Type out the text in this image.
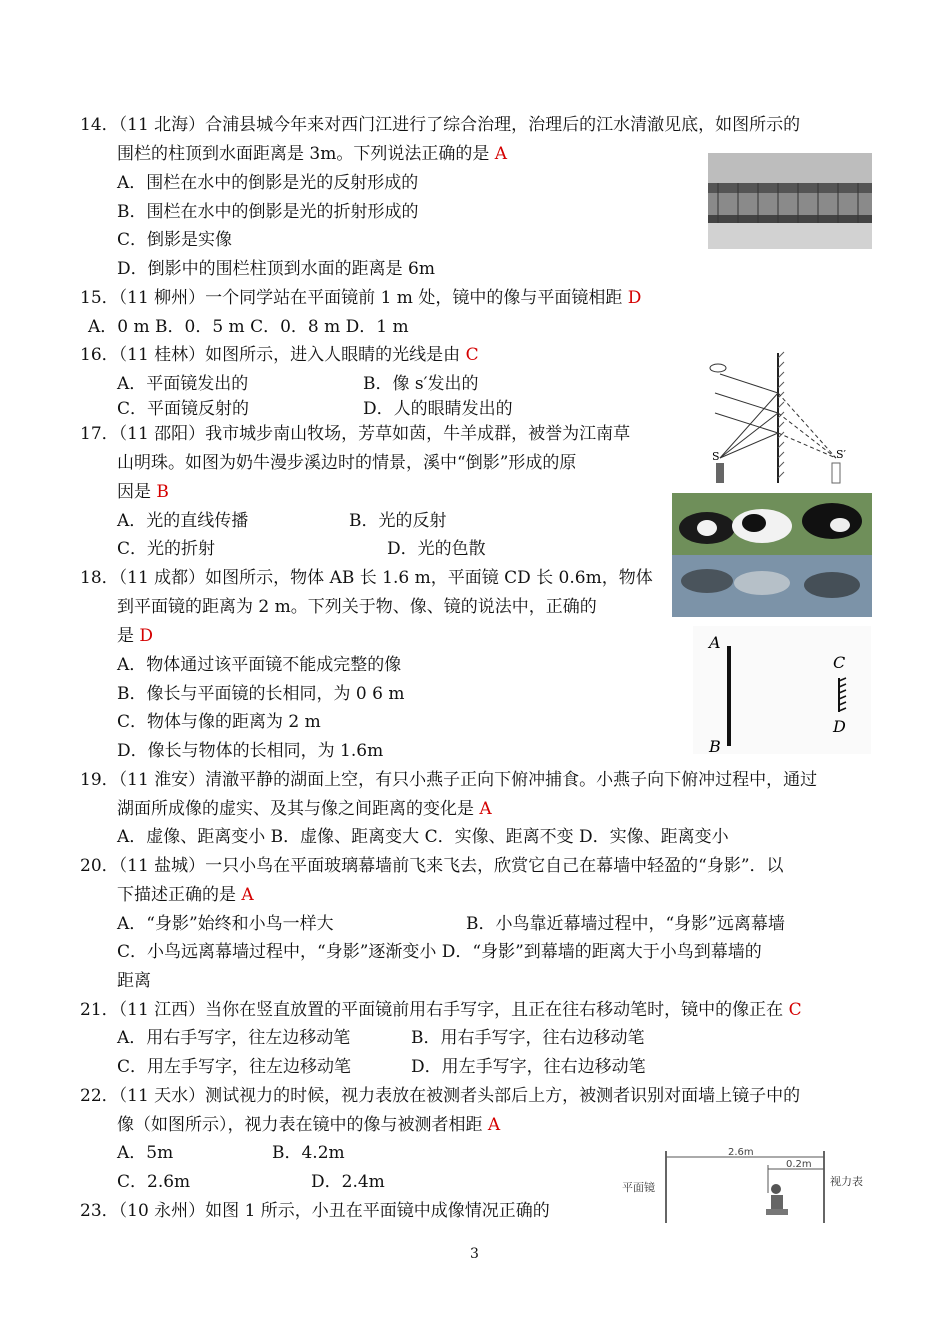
14．（11 北海）合浦县城今年来对西门江进行了综合治理，治理后的江水清澈见底，如图所示的
围栏的柱顶到水面距离是 3m。下列说法正确的是 A
A．围栏在水中的倒影是光的反射形成的
B．围栏在水中的倒影是光的折射形成的
C．倒影是实像
D．倒影中的围栏柱顶到水面的距离是 6m
15．（11 柳州）一个同学站在平面镜前 1 m 处，镜中的像与平面镜相距 D
A．0 m B．0．5 m C．0．8 m D．1 m
16．（11 桂林）如图所示，进入人眼睛的光线是由 C
A．平面镜发出的	B．像 s′发出的
C．平面镜反射的	D．人的眼睛发出的
S	S′
17．（11 邵阳）我市城步南山牧场，芳草如茵，牛羊成群，被誉为江南草
山明珠。如图为奶牛漫步溪边时的情景，溪中“倒影”形成的原
因是 B
A．光的直线传播	B．光的反射
C．光的折射	D．光的色散
18．（11 成都）如图所示，物体 AB 长 1.6 m，平面镜 CD 长 0.6m，物体
到平面镜的距离为 2 m。下列关于物、像、镜的说法中，正确的
是 D
A．物体通过该平面镜不能成完整的像
B．像长与平面镜的长相同，为 0 6 m
C．物体与像的距离为 2 m
D．像长与物体的长相同，为 1.6m
A
B
C
D
19．（11 淮安）清澈平静的湖面上空，有只小燕子正向下俯冲捕食。小燕子向下俯冲过程中，通过
湖面所成像的虚实、及其与像之间距离的变化是 A
A．虚像、距离变小 B．虚像、距离变大 C．实像、距离不变 D．实像、距离变小
20．（11 盐城）一只小鸟在平面玻璃幕墙前飞来飞去，欣赏它自己在幕墙中轻盈的“身影”．以
下描述正确的是 A
A．“身影”始终和小鸟一样大	B．小鸟靠近幕墙过程中，“身影”远离幕墙
C．小鸟远离幕墙过程中，“身影”逐渐变小 D．“身影”到幕墙的距离大于小鸟到幕墙的
距离
21．（11 江西）当你在竖直放置的平面镜前用右手写字，且正在往右移动笔时，镜中的像正在 C
A．用右手写字，往左边移动笔	B．用右手写字，往右边移动笔
C．用左手写字，往左边移动笔	D．用左手写字，往右边移动笔
22．（11 天水）测试视力的时候，视力表放在被测者头部后上方，被测者识别对面墙上镜子中的
像（如图所示），视力表在镜中的像与被测者相距 A
A．5m	B．4.2m
C．2.6m	D．2.4m
2.6m
0.2m
平面镜	视力表
23．（10 永州）如图 1 所示，小丑在平面镜中成像情况正确的
3
